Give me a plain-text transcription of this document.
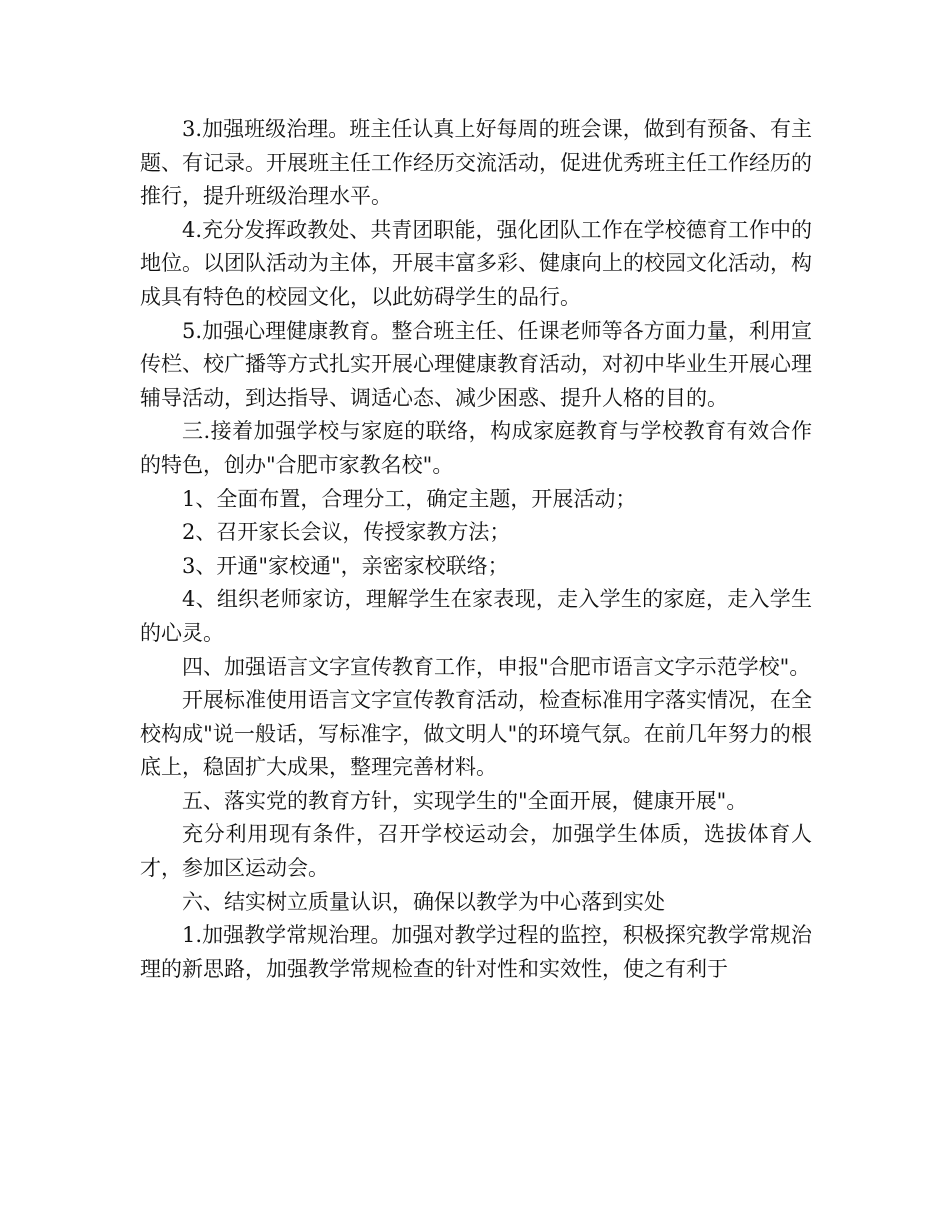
3.加强班级治理。班主任认真上好每周的班会课，做到有预备、有主题、有记录。开展班主任工作经历交流活动，促进优秀班主任工作经历的推行，提升班级治理水平。

4.充分发挥政教处、共青团职能，强化团队工作在学校德育工作中的地位。以团队活动为主体，开展丰富多彩、健康向上的校园文化活动，构成具有特色的校园文化，以此妨碍学生的品行。

5.加强心理健康教育。整合班主任、任课老师等各方面力量，利用宣传栏、校广播等方式扎实开展心理健康教育活动，对初中毕业生开展心理辅导活动，到达指导、调适心态、减少困惑、提升人格的目的。

三.接着加强学校与家庭的联络，构成家庭教育与学校教育有效合作的特色，创办"合肥市家教名校"。

1、全面布置，合理分工，确定主题，开展活动；

2、召开家长会议，传授家教方法；

3、开通"家校通"，亲密家校联络；

4、组织老师家访，理解学生在家表现，走入学生的家庭，走入学生的心灵。

四、加强语言文字宣传教育工作，申报"合肥市语言文字示范学校"。

开展标准使用语言文字宣传教育活动，检查标准用字落实情况，在全校构成"说一般话，写标准字，做文明人"的环境气氛。在前几年努力的根底上，稳固扩大成果，整理完善材料。

五、落实党的教育方针，实现学生的"全面开展，健康开展"。

充分利用现有条件，召开学校运动会，加强学生体质，选拔体育人才，参加区运动会。

六、结实树立质量认识，确保以教学为中心落到实处

1.加强教学常规治理。加强对教学过程的监控，积极探究教学常规治理的新思路，加强教学常规检查的针对性和实效性，使之有利于
